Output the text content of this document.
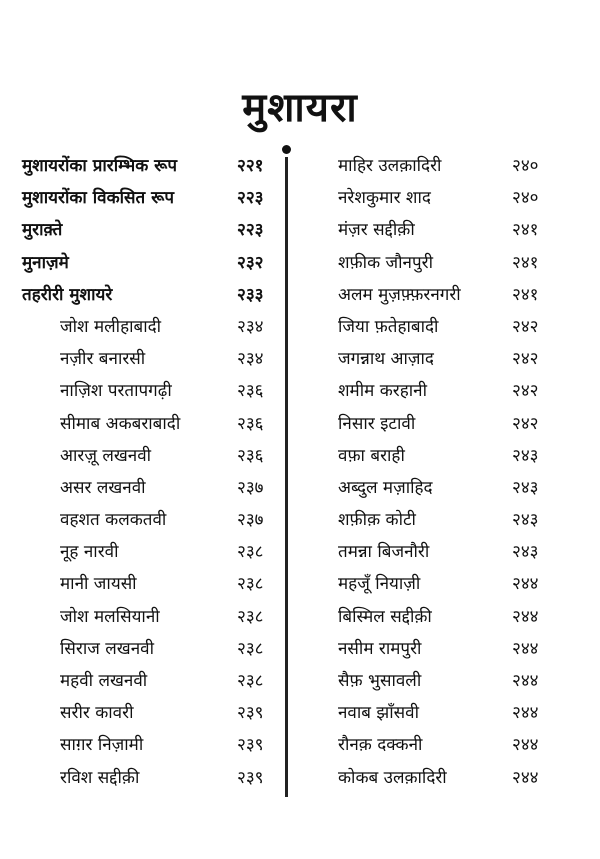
मुशायरा
मुशायरोंका प्रारम्भिक रूप	२२१
मुशायरोंका विकसित रूप	२२३
मुराक़्ते	२२३
मुनाज़मे	२३२
तहरीरी मुशायरे	२३३
जोश मलीहाबादी	२३४
नज़ीर बनारसी	२३४
नाज़िश परतापगढ़ी	२३६
सीमाब अकबराबादी	२३६
आरज़ू लखनवी	२३६
असर लखनवी	२३७
वहशत कलकतवी	२३७
नूह नारवी	२३८
मानी जायसी	२३८
जोश मलसियानी	२३८
सिराज लखनवी	२३८
महवी लखनवी	२३८
सरीर कावरी	२३९
साग़र निज़ामी	२३९
रविश सद्दीक़ी	२३९
माहिर उलक़ादिरी	२४०
नरेशकुमार शाद	२४०
मंज़र सद्दीक़ी	२४१
शफ़ीक जौनपुरी	२४१
अलम मुज़फ़्फ़रनगरी	२४१
जिया फ़तेहाबादी	२४२
जगन्नाथ आज़ाद	२४२
शमीम करहानी	२४२
निसार इटावी	२४२
वफ़ा बराही	२४३
अब्दुल मज़ाहिद	२४३
शफ़ीक़ कोटी	२४३
तमन्ना बिजनौरी	२४३
महजूँ नियाज़ी	२४४
बिस्मिल सद्दीक़ी	२४४
नसीम रामपुरी	२४४
सैफ़ भुसावली	२४४
नवाब झाँसवी	२४४
रौनक़ दक्कनी	२४४
कोकब उलक़ादिरी	२४४
